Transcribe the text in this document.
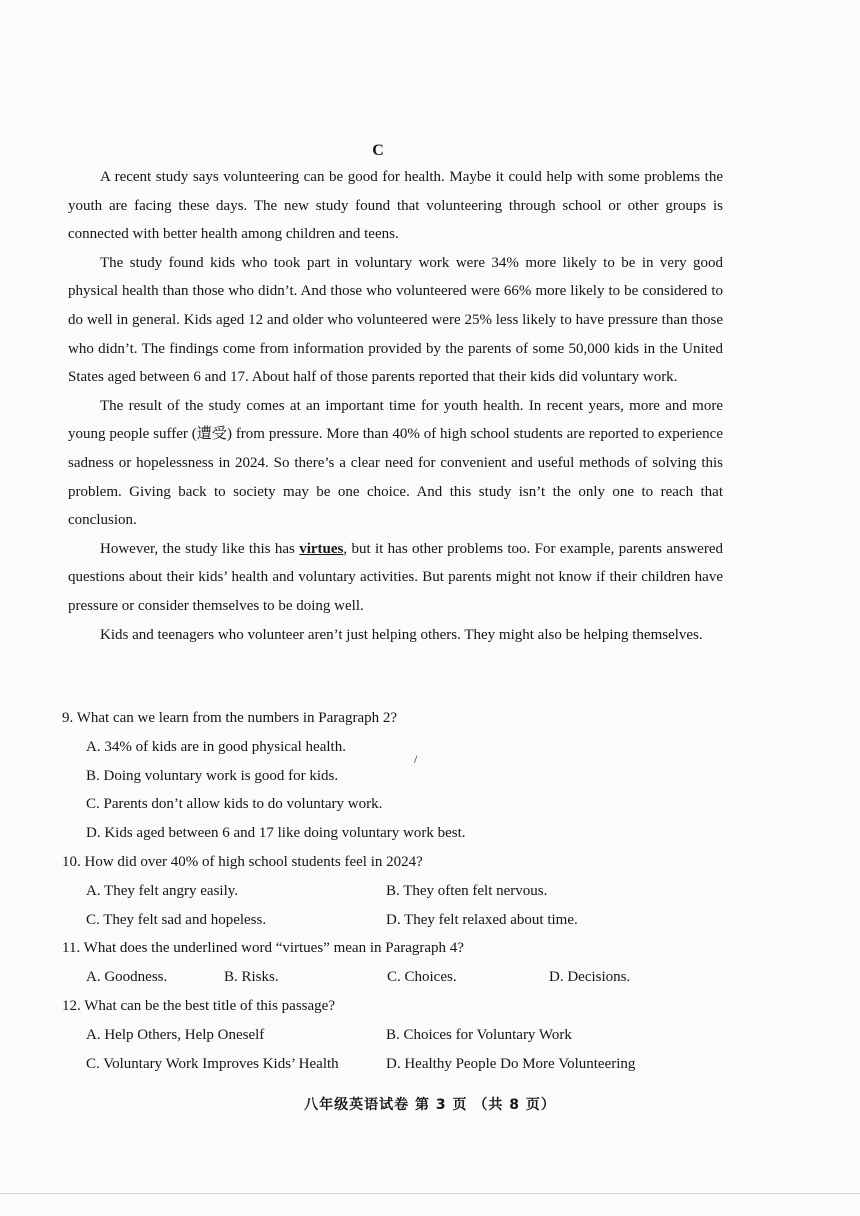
C

A recent study says volunteering can be good for health. Maybe it could help with some problems the youth are facing these days. The new study found that volunteering through school or other groups is connected with better health among children and teens.

The study found kids who took part in voluntary work were 34% more likely to be in very good physical health than those who didn’t. And those who volunteered were 66% more likely to be considered to do well in general. Kids aged 12 and older who volunteered were 25% less likely to have pressure than those who didn’t. The findings come from information provided by the parents of some 50,000 kids in the United States aged between 6 and 17. About half of those parents reported that their kids did voluntary work.

The result of the study comes at an important time for youth health. In recent years, more and more young people suffer (遭受) from pressure. More than 40% of high school students are reported to experience sadness or hopelessness in 2024. So there’s a clear need for convenient and useful methods of solving this problem. Giving back to society may be one choice. And this study isn’t the only one to reach that conclusion.

However, the study like this has virtues, but it has other problems too. For example, parents answered questions about their kids’ health and voluntary activities. But parents might not know if their children have pressure or consider themselves to be doing well.

Kids and teenagers who volunteer aren’t just helping others. They might also be helping themselves.

/

9. What can we learn from the numbers in Paragraph 2?

A. 34% of kids are in good physical health.

B. Doing voluntary work is good for kids.

C. Parents don’t allow kids to do voluntary work.

D. Kids aged between 6 and 17 like doing voluntary work best.

10. How did over 40% of high school students feel in 2024?

A. They felt angry easily.	B. They often felt nervous.
C. They felt sad and hopeless.	D. They felt relaxed about time.

11. What does the underlined word “virtues” mean in Paragraph 4?

A. Goodness.	B. Risks.	C. Choices.	D. Decisions.

12. What can be the best title of this passage?

A. Help Others, Help Oneself	B. Choices for Voluntary Work
C. Voluntary Work Improves Kids’ Health	D. Healthy People Do More Volunteering
八年级英语试卷 第 3 页 （共 8 页）
